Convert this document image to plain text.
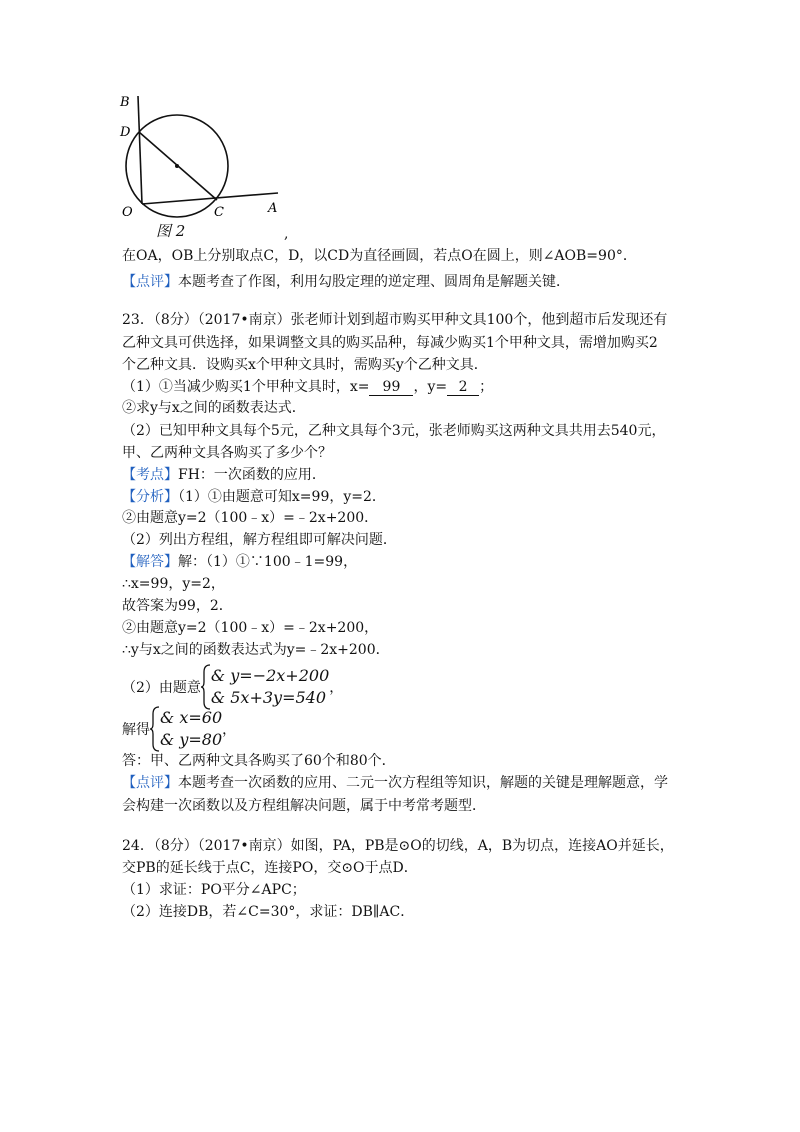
B
D
O	C	A
图 2	,
在OA，OB上分别取点C，D，以CD为直径画圆，若点O在圆上，则∠AOB=90°．
【点评】本题考查了作图，利用勾股定理的逆定理、圆周角是解题关键．
23．（8分）（2017•南京）张老师计划到超市购买甲种文具100个，他到超市后发现还有
乙种文具可供选择，如果调整文具的购买品种，每减少购买1个甲种文具，需增加购买2
个乙种文具．设购买x个甲种文具时，需购买y个乙种文具．
（1）①当减少购买1个甲种文具时，x= 99 ，y= 2 ；
②求y与x之间的函数表达式．
（2）已知甲种文具每个5元，乙种文具每个3元，张老师购买这两种文具共用去540元，
甲、乙两种文具各购买了多少个？
【考点】FH：一次函数的应用．
【分析】（1）①由题意可知x=99，y=2．
②由题意y=2（100﹣x）=﹣2x+200．
（2）列出方程组，解方程组即可解决问题．
【解答】解：（1）①∵100﹣1=99，
∴x=99，y=2，
故答案为99，2．
②由题意y=2（100﹣x）=﹣2x+200，
∴y与x之间的函数表达式为y=﹣2x+200．
（2）由题意
& y=−2x+200
& 5x+3y=540 ，
解得
& x=60
& y=80 ，
答：甲、乙两种文具各购买了60个和80个．
【点评】本题考查一次函数的应用、二元一次方程组等知识，解题的关键是理解题意，学
会构建一次函数以及方程组解决问题，属于中考常考题型．
24．（8分）（2017•南京）如图，PA，PB是⊙O的切线，A，B为切点，连接AO并延长，
交PB的延长线于点C，连接PO，交⊙O于点D．
（1）求证：PO平分∠APC；
（2）连接DB，若∠C=30°，求证：DB∥AC．
